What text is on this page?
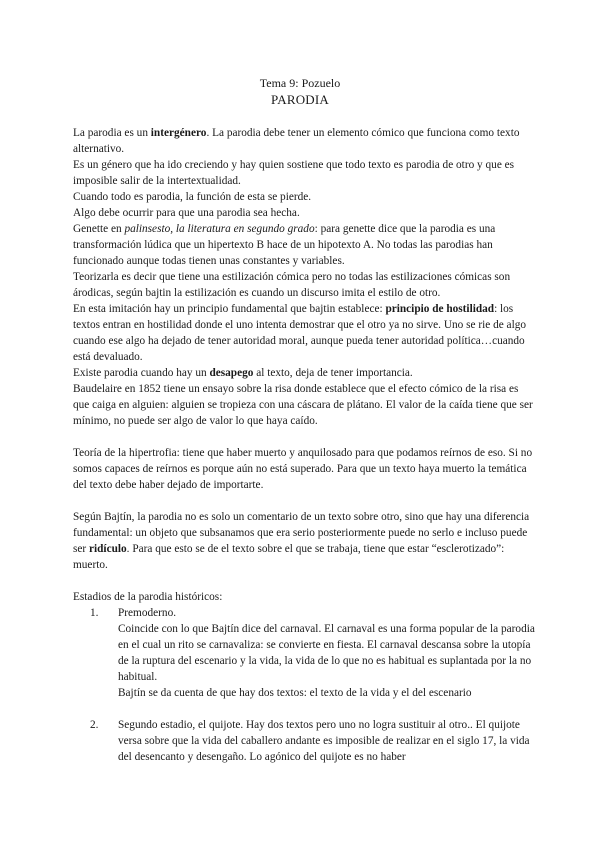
Tema 9: Pozuelo
PARODIA

La parodia es un intergénero. La parodia debe tener un elemento cómico que funciona como texto alternativo.

Es un género que ha ido creciendo y hay quien sostiene que todo texto es parodia de otro y que es imposible salir de la intertextualidad.

Cuando todo es parodia, la función de esta se pierde.

Algo debe ocurrir para que una parodia sea hecha.

Genette en palinsesto, la literatura en segundo grado: para genette dice que la parodia es una transformación lúdica que un hipertexto B hace de un hipotexto A. No todas las parodias han funcionado aunque todas tienen unas constantes y variables.

Teorizarla es decir que tiene una estilización cómica pero no todas las estilizaciones cómicas son árodicas, según bajtin la estilización es cuando un discurso imita el estilo de otro.

En esta imitación hay un principio fundamental que bajtin establece: principio de hostilidad: los textos entran en hostilidad donde el uno intenta demostrar que el otro ya no sirve. Uno se rie de algo cuando ese algo ha dejado de tener autoridad moral, aunque pueda tener autoridad política…cuando está devaluado.

Existe parodia cuando hay un desapego al texto, deja de tener importancia.

Baudelaire en 1852 tiene un ensayo sobre la risa donde establece que el efecto cómico de la risa es que caiga en alguien: alguien se tropieza con una cáscara de plátano. El valor de la caída tiene que ser mínimo, no puede ser algo de valor lo que haya caído.

Teoría de la hipertrofia: tiene que haber muerto y anquilosado para que podamos reírnos de eso. Si no somos capaces de reírnos es porque aún no está superado. Para que un texto haya muerto la temática del texto debe haber dejado de importarte.

Según Bajtín, la parodia no es solo un comentario de un texto sobre otro, sino que hay una diferencia fundamental: un objeto que subsanamos que era serio posteriormente puede no serlo e incluso puede ser ridículo. Para que esto se de el texto sobre el que se trabaja, tiene que estar “esclerotizado”: muerto.

Estadios de la parodia históricos:

1. Premoderno.

Coincide con lo que Bajtín dice del carnaval. El carnaval es una forma popular de la parodia en el cual un rito se carnavaliza: se convierte en fiesta. El carnaval descansa sobre la utopía de la ruptura del escenario y la vida, la vida de lo que no es habitual es suplantada por la no habitual.

Bajtín se da cuenta de que hay dos textos: el texto de la vida y el del escenario

2. Segundo estadio, el quijote. Hay dos textos pero uno no logra sustituir al otro.. El quijote versa sobre que la vida del caballero andante es imposible de realizar en el siglo 17, la vida del desencanto y desengaño. Lo agónico del quijote es no haber
